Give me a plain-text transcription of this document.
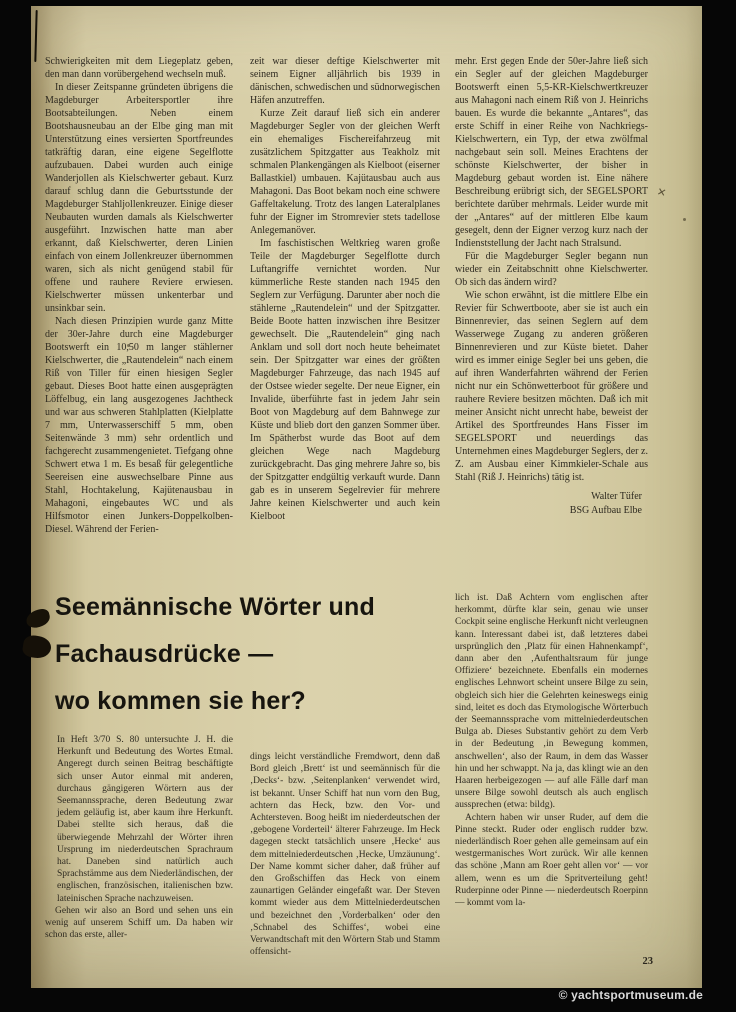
✕

Schwierigkeiten mit dem Liegeplatz geben, den man dann vorübergehend wechseln muß.

In dieser Zeitspanne gründeten übrigens die Magdeburger Arbeitersportler ihre Bootsabteilungen. Neben einem Bootshausneubau an der Elbe ging man mit Unterstützung eines versierten Sportfreundes tatkräftig daran, eine eigene Segelflotte aufzubauen. Dabei wurden auch einige Wanderjollen als Kielschwerter gebaut. Kurz darauf schlug dann die Geburtsstunde der Magdeburger Stahljollenkreuzer. Einige dieser Neubauten wurden damals als Kielschwerter ausgeführt. Inzwischen hatte man aber erkannt, daß Kielschwerter, deren Linien einfach von einem Jollenkreuzer übernommen waren, sich als nicht genügend stabil für offene und rauhere Reviere erwiesen. Kielschwerter müssen unkenterbar und unsinkbar sein.

Nach diesen Prinzipien wurde ganz Mitte der 30er-Jahre durch eine Magdeburger Bootswerft ein 10,50 m langer stählerner Kielschwerter, die „Rautendelein“ nach einem Riß von Tiller für einen hiesigen Segler gebaut. Dieses Boot hatte einen ausgeprägten Löffelbug, ein lang ausgezogenes Jachtheck und war aus schweren Stahlplatten (Kielplatte 7 mm, Unterwasserschiff 5 mm, oben Seitenwände 3 mm) sehr ordentlich und fachgerecht zusammengenietet. Tiefgang ohne Schwert etwa 1 m. Es besaß für gelegentliche Seereisen eine auswechselbare Pinne aus Stahl, Hochtakelung, Kajütenausbau in Mahagoni, eingebautes WC und als Hilfsmotor einen Junkers-Doppelkolben-Diesel. Während der Ferien-

zeit war dieser deftige Kielschwerter mit seinem Eigner alljährlich bis 1939 in dänischen, schwedischen und südnorwegischen Häfen anzutreffen.

Kurze Zeit darauf ließ sich ein anderer Magdeburger Segler von der gleichen Werft ein ehemaliges Fischereifahrzeug mit zusätzlichem Spitzgatter aus Teakholz mit schmalen Plankengängen als Kielboot (eiserner Ballastkiel) umbauen. Kajütausbau auch aus Mahagoni. Das Boot bekam noch eine schwere Gaffeltakelung. Trotz des langen Lateralplanes fuhr der Eigner im Stromrevier stets tadellose Anlegemanöver.

Im faschistischen Weltkrieg waren große Teile der Magdeburger Segelflotte durch Luftangriffe vernichtet worden. Nur kümmerliche Reste standen nach 1945 den Seglern zur Verfügung. Darunter aber noch die stählerne „Rautendelein“ und der Spitzgatter. Beide Boote hatten inzwischen ihre Besitzer gewechselt. Die „Rautendelein“ ging nach Anklam und soll dort noch heute beheimatet sein. Der Spitzgatter war eines der größten Magdeburger Fahrzeuge, das nach 1945 auf der Ostsee wieder segelte. Der neue Eigner, ein Invalide, überführte fast in jedem Jahr sein Boot von Magdeburg auf dem Bahnwege zur Küste und blieb dort den ganzen Sommer über. Im Spätherbst wurde das Boot auf dem gleichen Wege nach Magdeburg zurückgebracht. Das ging mehrere Jahre so, bis der Spitzgatter endgültig verkauft wurde. Dann gab es in unserem Segelrevier für mehrere Jahre keinen Kielschwerter und auch kein Kielboot

mehr. Erst gegen Ende der 50er-Jahre ließ sich ein Segler auf der gleichen Magdeburger Bootswerft einen 5,5-KR-Kielschwertkreuzer aus Mahagoni nach einem Riß von J. Heinrichs bauen. Es wurde die bekannte „Antares“, das erste Schiff in einer Reihe von Nachkriegs-Kielschwertern, ein Typ, der etwa zwölfmal nachgebaut sein soll. Meines Erachtens der schönste Kielschwerter, der bisher in Magdeburg gebaut worden ist. Eine nähere Beschreibung erübrigt sich, der SEGELSPORT berichtete darüber mehrmals. Leider wurde mit der „Antares“ auf der mittleren Elbe kaum gesegelt, denn der Eigner verzog kurz nach der Indienststellung der Jacht nach Stralsund.

Für die Magdeburger Segler begann nun wieder ein Zeitabschnitt ohne Kielschwerter. Ob sich das ändern wird?

Wie schon erwähnt, ist die mittlere Elbe ein Revier für Schwertboote, aber sie ist auch ein Binnenrevier, das seinen Seglern auf dem Wasserwege Zugang zu anderen größeren Binnenrevieren und zur Küste bietet. Daher wird es immer einige Segler bei uns geben, die auf ihren Wanderfahrten während der Ferien nicht nur ein Schönwetterboot für größere und rauhere Reviere besitzen möchten. Daß ich mit meiner Ansicht nicht unrecht habe, beweist der Artikel des Sportfreundes Hans Fisser im SEGELSPORT und neuerdings das Unternehmen eines Magdeburger Seglers, der z. Z. am Ausbau einer Kimmkieler-Schale aus Stahl (Riß J. Heinrichs) tätig ist.

Walter Tüfer
BSG Aufbau Elbe
Seemännische Wörter und
Fachausdrücke —
wo kommen sie her?

In Heft 3/70 S. 80 untersuchte J. H. die Herkunft und Bedeutung des Wortes Etmal. Angeregt durch seinen Beitrag beschäftigte sich unser Autor einmal mit anderen, durchaus gängigeren Wörtern aus der Seemannssprache, deren Bedeutung zwar jedem geläufig ist, aber kaum ihre Herkunft. Dabei stellte sich heraus, daß die überwiegende Mehrzahl der Wörter ihren Ursprung im niederdeutschen Sprachraum hat. Daneben sind natürlich auch Sprachstämme aus dem Niederländischen, der englischen, französischen, italienischen bzw. lateinischen Sprache nachzuweisen.

Gehen wir also an Bord und sehen uns ein wenig auf unserem Schiff um. Da haben wir schon das erste, aller-

dings leicht verständliche Fremdwort, denn daß Bord gleich ‚Brett‘ ist und seemännisch für die ‚Decks‘- bzw. ‚Seitenplanken‘ verwendet wird, ist bekannt. Unser Schiff hat nun vorn den Bug, achtern das Heck, bzw. den Vor- und Achtersteven. Boog heißt im niederdeutschen der ‚gebogene Vorderteil‘ älterer Fahrzeuge. Im Heck dagegen steckt tatsächlich unsere ‚Hecke‘ aus dem mittelniederdeutschen ‚Hecke, Umzäunung‘. Der Name kommt sicher daher, daß früher auf den Großschiffen das Heck von einem zaunartigen Geländer eingefaßt war. Der Steven kommt wieder aus dem Mittelniederdeutschen und bezeichnet den ‚Vorderbalken‘ oder den ‚Schnabel des Schiffes‘, wobei eine Verwandtschaft mit den Wörtern Stab und Stamm offensicht-

lich ist. Daß Achtern vom englischen after herkommt, dürfte klar sein, genau wie unser Cockpit seine englische Herkunft nicht verleugnen kann. Interessant dabei ist, daß letzteres dabei ursprünglich den ‚Platz für einen Hahnenkampf‘, dann aber den ‚Aufenthaltsraum für junge Offiziere‘ bezeichnete. Ebenfalls ein modernes englisches Lehnwort scheint unsere Bilge zu sein, obgleich sich hier die Gelehrten keineswegs einig sind, leitet es doch das Etymologische Wörterbuch der Seemannssprache vom mittelniederdeutschen Bulga ab. Dieses Substantiv gehört zu dem Verb in der Bedeutung ‚in Bewegung kommen, anschwellen‘, also der Raum, in dem das Wasser hin und her schwappt. Na ja, das klingt wie an den Haaren herbeigezogen — auf alle Fälle darf man unsere Bilge sowohl deutsch als auch englisch aussprechen (etwa: bildg).

Achtern haben wir unser Ruder, auf dem die Pinne steckt. Ruder oder englisch rudder bzw. niederländisch Roer gehen alle gemeinsam auf ein westgermanisches Wort zurück. Wir alle kennen das schöne ‚Mann am Roer geht allen vor‘ — vor allem, wenn es um die Spritverteilung geht! Ruderpinne oder Pinne — niederdeutsch Roerpinn — kommt vom la-

23
© yachtsportmuseum.de
